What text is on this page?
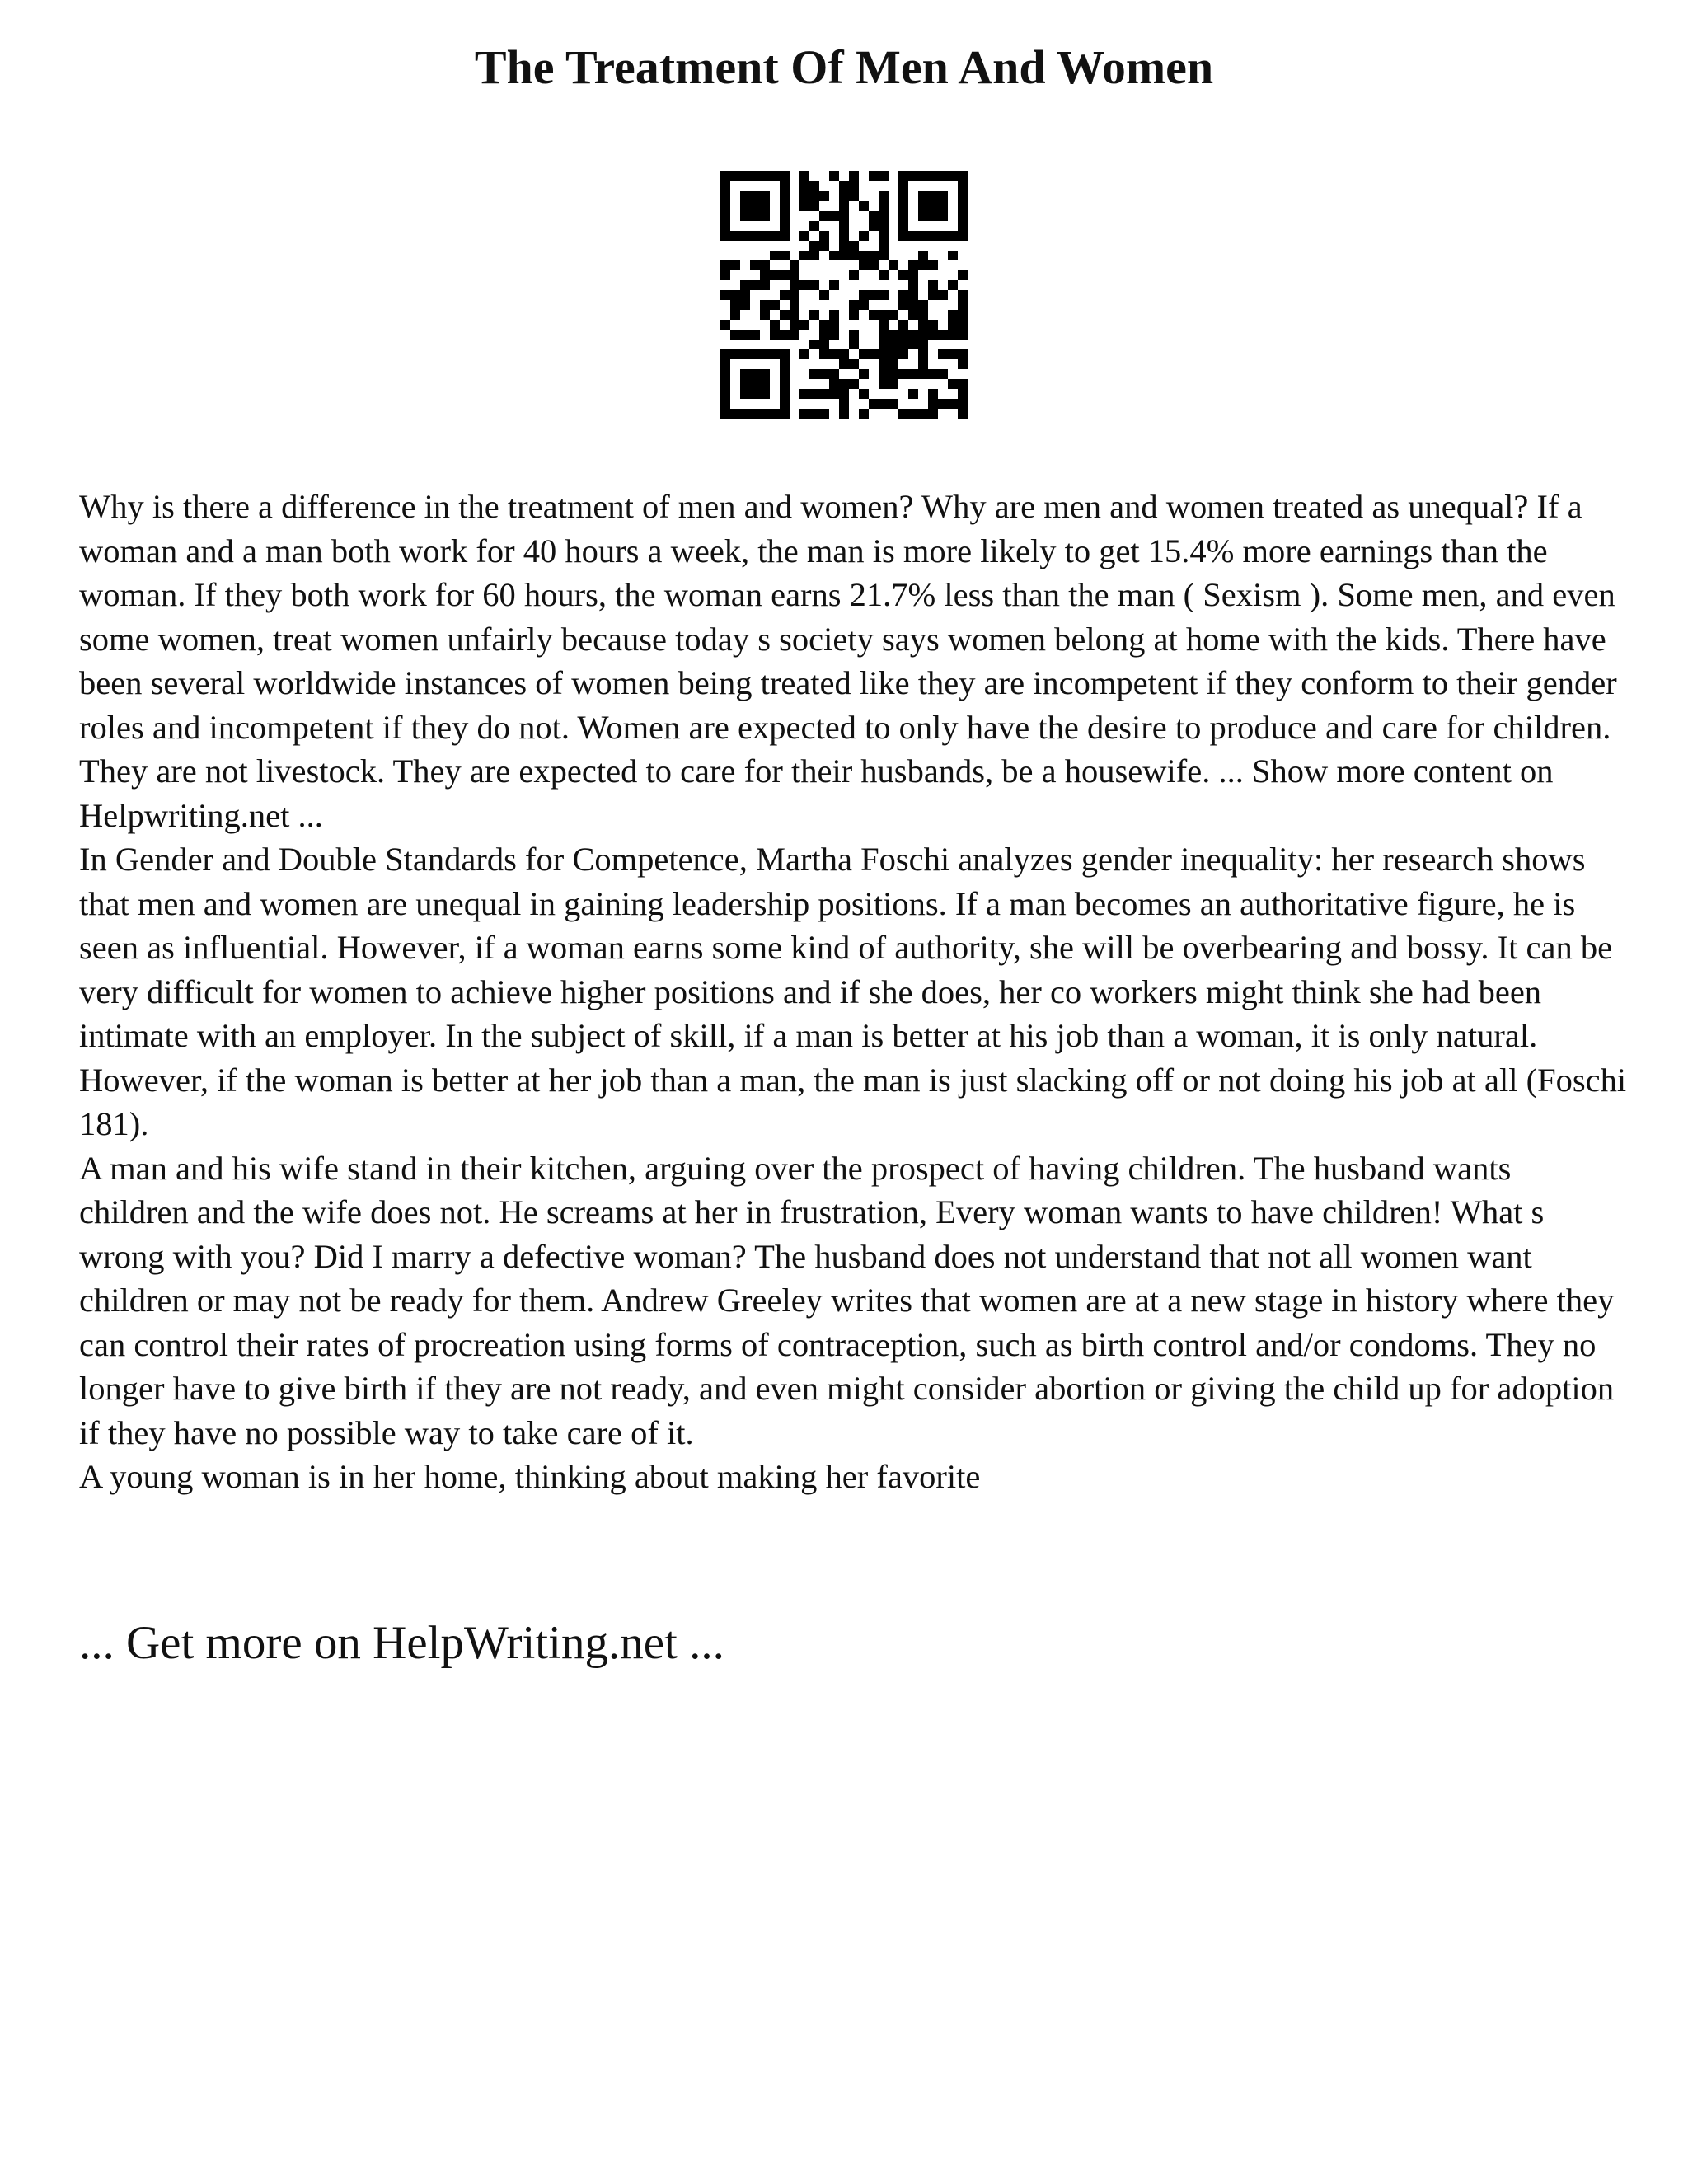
The Treatment Of Men And Women

Why is there a difference in the treatment of men and women? Why are men and women treated as unequal? If a woman and a man both work for 40 hours a week, the man is more likely to get 15.4% more earnings than the woman. If they both work for 60 hours, the woman earns 21.7% less than the man ( Sexism ). Some men, and even some women, treat women unfairly because today s society says women belong at home with the kids. There have been several worldwide instances of women being treated like they are incompetent if they conform to their gender roles and incompetent if they do not. Women are expected to only have the desire to produce and care for children. They are not livestock. They are expected to care for their husbands, be a housewife. ... Show more content on Helpwriting.net ...

In Gender and Double Standards for Competence, Martha Foschi analyzes gender inequality: her research shows that men and women are unequal in gaining leadership positions. If a man becomes an authoritative figure, he is seen as influential. However, if a woman earns some kind of authority, she will be overbearing and bossy. It can be very difficult for women to achieve higher positions and if she does, her co workers might think she had been intimate with an employer. In the subject of skill, if a man is better at his job than a woman, it is only natural. However, if the woman is better at her job than a man, the man is just slacking off or not doing his job at all (Foschi 181).

A man and his wife stand in their kitchen, arguing over the prospect of having children. The husband wants children and the wife does not. He screams at her in frustration, Every woman wants to have children! What s wrong with you? Did I marry a defective woman? The husband does not understand that not all women want children or may not be ready for them. Andrew Greeley writes that women are at a new stage in history where they can control their rates of procreation using forms of contraception, such as birth control and/or condoms. They no longer have to give birth if they are not ready, and even might consider abortion or giving the child up for adoption if they have no possible way to take care of it.

A young woman is in her home, thinking about making her favorite

... Get more on HelpWriting.net ...
